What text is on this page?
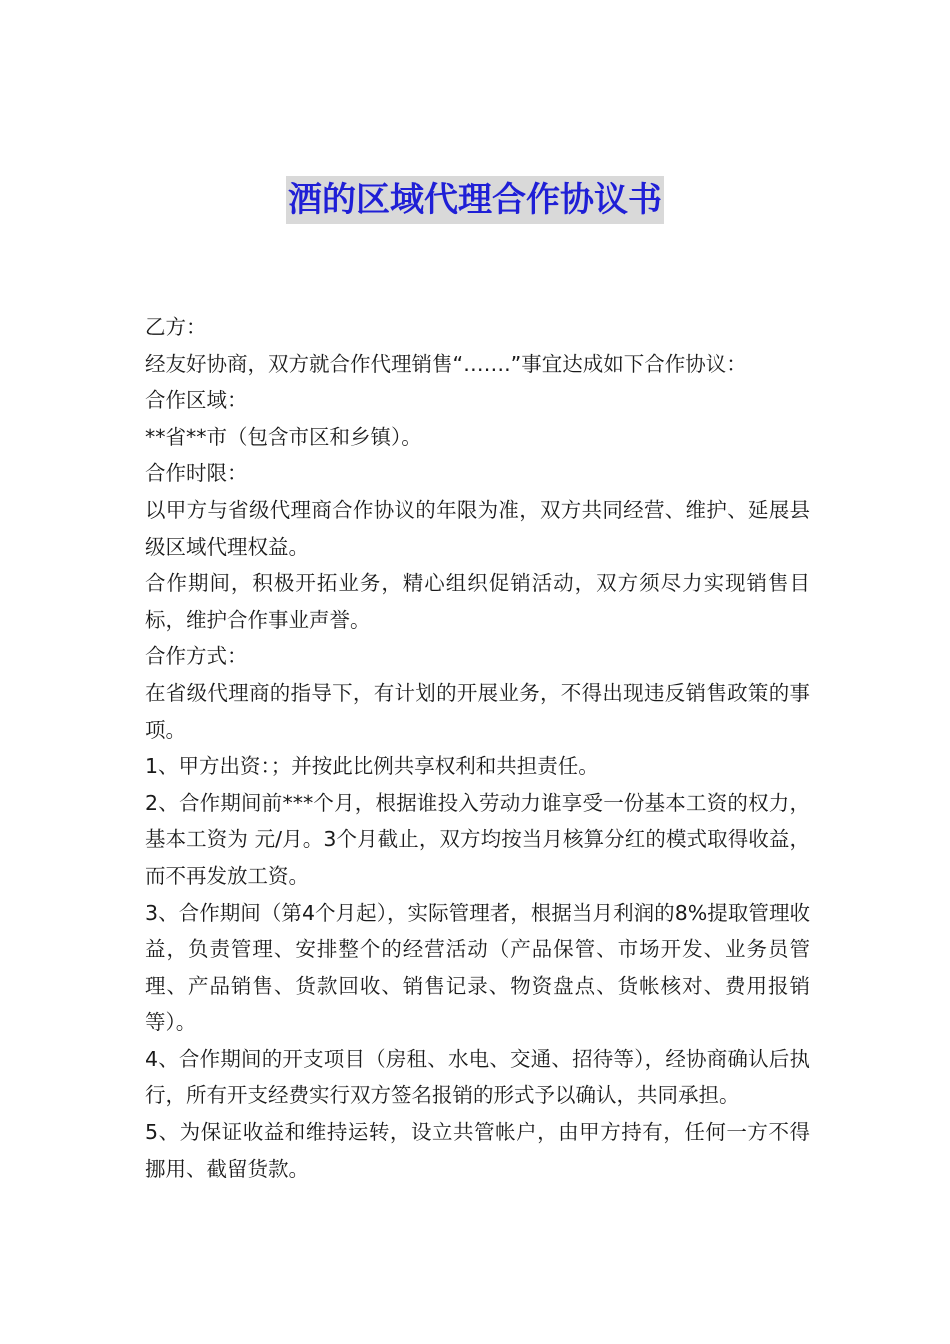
酒的区域代理合作协议书

乙方：

经友好协商，双方就合作代理销售“…….”事宜达成如下合作协议：

合作区域：

**省**市（包含市区和乡镇）。

合作时限：

以甲方与省级代理商合作协议的年限为准，双方共同经营、维护、延展县级区域代理权益。

合作期间，积极开拓业务，精心组织促销活动，双方须尽力实现销售目标，维护合作事业声誉。

合作方式：

在省级代理商的指导下，有计划的开展业务，不得出现违反销售政策的事项。

1、甲方出资：；并按此比例共享权利和共担责任。

2、合作期间前***个月，根据谁投入劳动力谁享受一份基本工资的权力，基本工资为 元/月。3个月截止，双方均按当月核算分红的模式取得收益，而不再发放工资。

3、合作期间（第4个月起），实际管理者，根据当月利润的8%提取管理收益，负责管理、安排整个的经营活动（产品保管、市场开发、业务员管理、产品销售、货款回收、销售记录、物资盘点、货帐核对、费用报销等）。

4、合作期间的开支项目（房租、水电、交通、招待等），经协商确认后执行，所有开支经费实行双方签名报销的形式予以确认，共同承担。

5、为保证收益和维持运转，设立共管帐户，由甲方持有，任何一方不得挪用、截留货款。
